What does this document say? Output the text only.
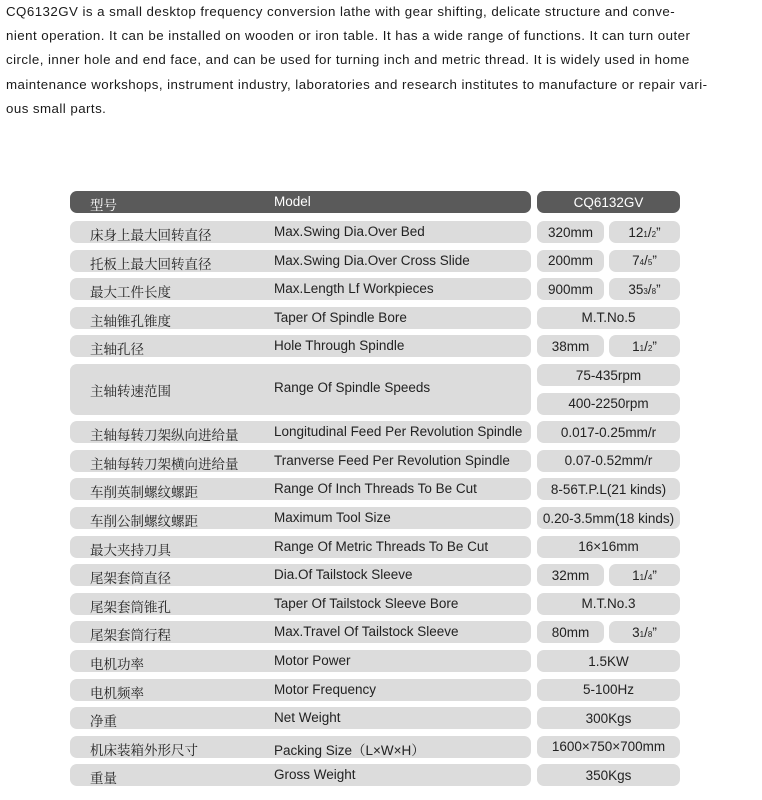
CQ6132GV is a small desktop frequency conversion lathe with gear shifting, delicate structure and conve-
nient operation. It can be installed on wooden or iron table. It has a wide range of functions. It can turn outer
circle, inner hole and end face, and can be used for turning inch and metric thread. It is widely used in home
maintenance workshops, instrument industry, laboratories and research institutes to manufacture or repair vari-
ous small parts.
型号	Model	CQ6132GV
床身上最大回转直径	Max.Swing Dia.Over Bed	320mm	12 1 / 2 ”
托板上最大回转直径	Max.Swing Dia.Over Cross Slide	200mm	7 4 / 5 ”
最大工件长度	Max.Length Lf Workpieces	900mm	35 3 / 8 ”
主轴锥孔锥度	Taper Of Spindle Bore	M.T.No.5
主轴孔径	Hole Through Spindle	38mm	1 1 / 2 ”
主轴转速范围	Range Of Spindle Speeds
75-435rpm
400-2250rpm
主轴每转刀架纵向进给量	Longitudinal Feed Per Revolution Spindle	0.017-0.25mm/r
主轴每转刀架横向进给量	Tranverse Feed Per Revolution Spindle	0.07-0.52mm/r
车削英制螺纹螺距	Range Of Inch Threads To Be Cut	8-56T.P.L(21 kinds)
车削公制螺纹螺距	Maximum Tool Size	0.20-3.5mm(18 kinds)
最大夹持刀具	Range Of Metric Threads To Be Cut	16×16mm
尾架套筒直径	Dia.Of Tailstock Sleeve	32mm	1 1 / 4 ”
尾架套筒锥孔	Taper Of Tailstock Sleeve Bore	M.T.No.3
尾架套筒行程	Max.Travel Of Tailstock Sleeve	80mm	3 1 / 8 ”
电机功率	Motor Power	1.5KW
电机频率	Motor Frequency	5-100Hz
净重	Net Weight	300Kgs
机床装箱外形尺寸	Packing Size（L×W×H）	1600×750×700mm
重量	Gross Weight	350Kgs
